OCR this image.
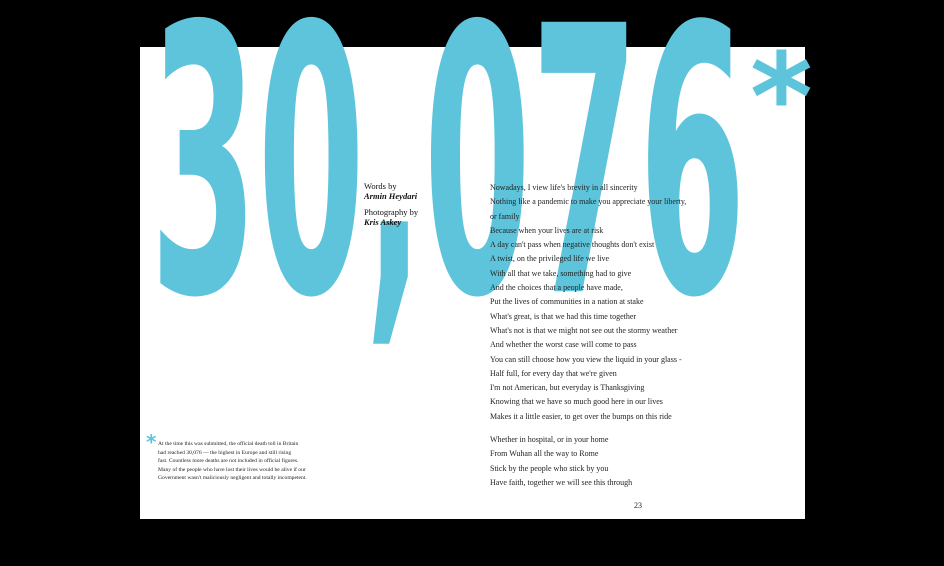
30,076 *
Words by
Armin Heydari
Photography by
Kris Askey
Nowadays, I view life's brevity in all sincerity
Nothing like a pandemic to make you appreciate your liberty,
or family
Because when your lives are at risk
A day can't pass when negative thoughts don't exist
A twist, on the privileged life we live
With all that we take, something had to give
And the choices that a people have made,
Put the lives of communities in a nation at stake
What's great, is that we had this time together
What's not is that we might not see out the stormy weather
And whether the worst case will come to pass
You can still choose how you view the liquid in your glass -
Half full, for every day that we're given
I'm not American, but everyday is Thanksgiving
Knowing that we have so much good here in our lives
Makes it a little easier, to get over the bumps on this ride
Whether in hospital, or in your home
From Wuhan all the way to Rome
Stick by the people who stick by you
Have faith, together we will see this through
* At the time this was submitted, the official death toll in Britain
had reached 30,076 — the highest in Europe and still rising
fast. Countless more deaths are not included in official figures.
Many of the people who have lost their lives would be alive if our
Government wasn't maliciously negligent and totally incompetent.
23
